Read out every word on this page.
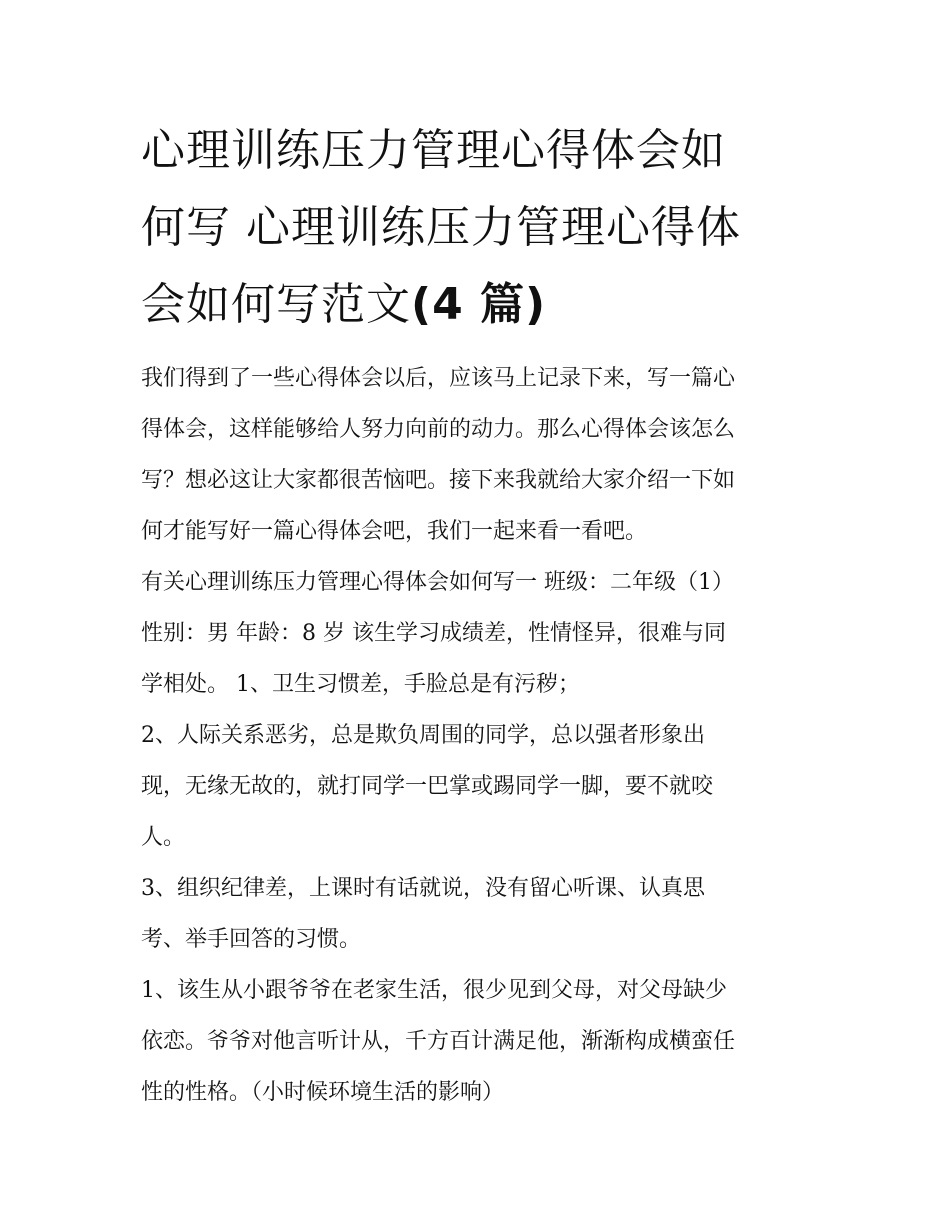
心理训练压力管理心得体会如
何写 心理训练压力管理心得体
会如何写范文(4 篇)

我们得到了一些心得体会以后，应该马上记录下来，写一篇心
得体会，这样能够给人努力向前的动力。那么心得体会该怎么
写？想必这让大家都很苦恼吧。接下来我就给大家介绍一下如
何才能写好一篇心得体会吧，我们一起来看一看吧。

有关心理训练压力管理心得体会如何写一 班级：二年级（1）
性别：男 年龄：8 岁 该生学习成绩差，性情怪异，很难与同
学相处。 1、卫生习惯差，手脸总是有污秽；

2、人际关系恶劣，总是欺负周围的同学，总以强者形象出
现，无缘无故的，就打同学一巴掌或踢同学一脚，要不就咬
人。

3、组织纪律差，上课时有话就说，没有留心听课、认真思
考、举手回答的习惯。

1、该生从小跟爷爷在老家生活，很少见到父母，对父母缺少
依恋。爷爷对他言听计从，千方百计满足他，渐渐构成横蛮任
性的性格。（小时候环境生活的影响）
